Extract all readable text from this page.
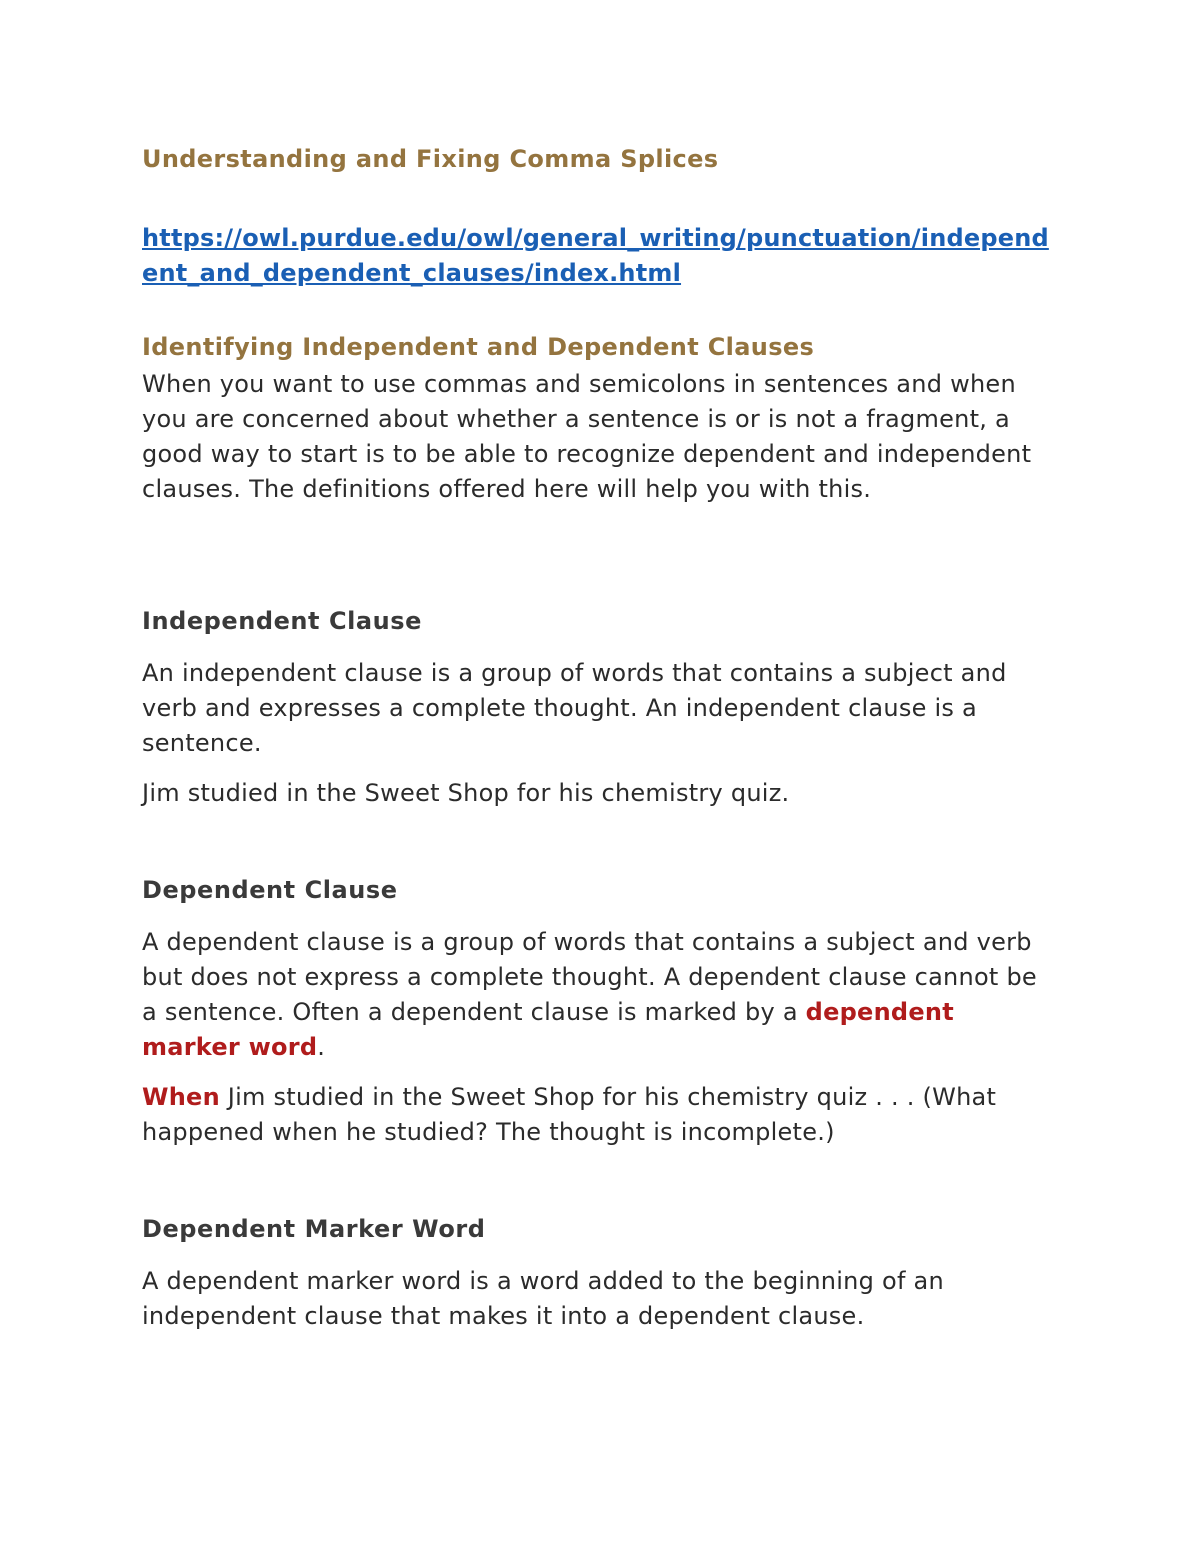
Understanding and Fixing Comma Splices
https://owl.purdue.edu/owl/general_writing/punctuation/independent_and_dependent_clauses/index.html
Identifying Independent and Dependent Clauses

When you want to use commas and semicolons in sentences and when you are concerned about whether a sentence is or is not a fragment, a good way to start is to be able to recognize dependent and independent clauses. The definitions offered here will help you with this.

Independent Clause

An independent clause is a group of words that contains a subject and verb and expresses a complete thought. An independent clause is a sentence.

Jim studied in the Sweet Shop for his chemistry quiz.

Dependent Clause

A dependent clause is a group of words that contains a subject and verb but does not express a complete thought. A dependent clause cannot be a sentence. Often a dependent clause is marked by a dependent marker word.

When Jim studied in the Sweet Shop for his chemistry quiz . . . (What happened when he studied? The thought is incomplete.)

Dependent Marker Word

A dependent marker word is a word added to the beginning of an independent clause that makes it into a dependent clause.
